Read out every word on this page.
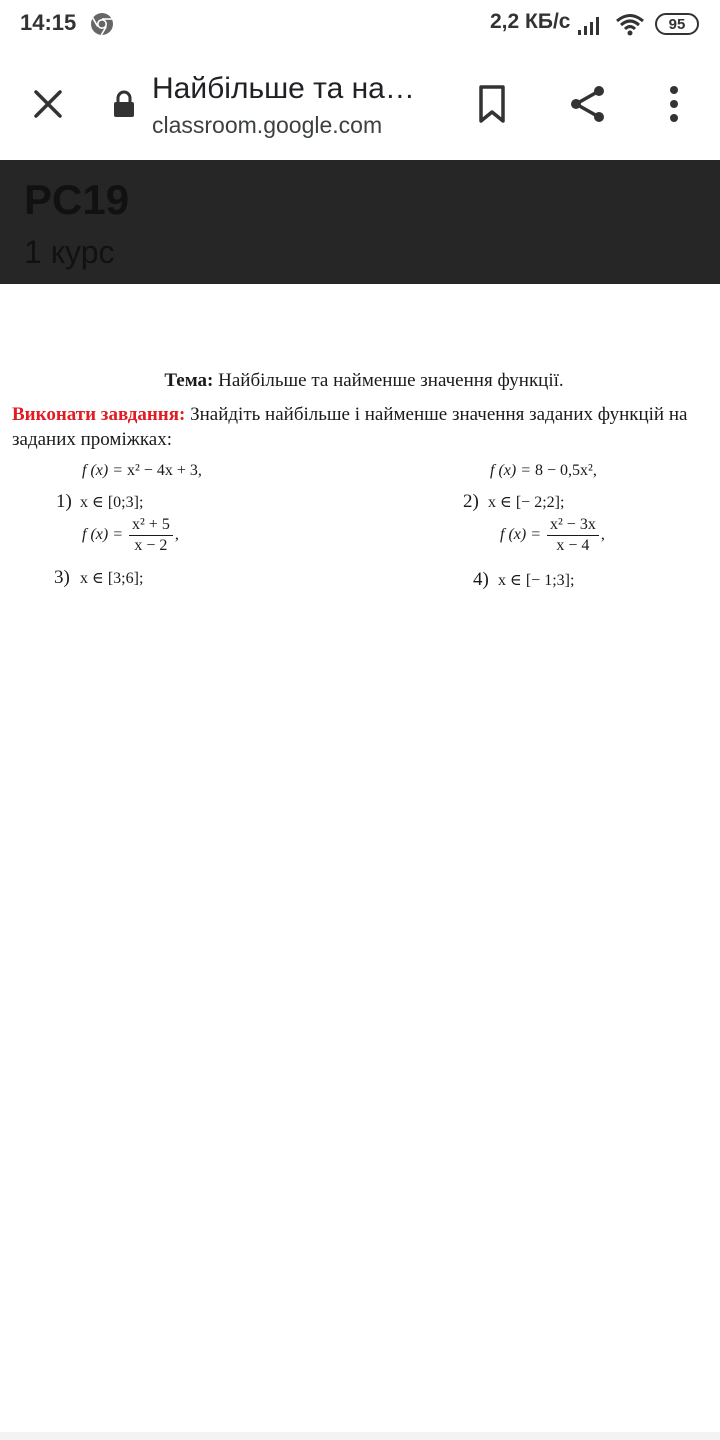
14:15	2,2 КБ/с	95
Найбільше та на…
classroom.google.com
PC19
1 курс
Тема: Найбільше та найменше значення функції.
Виконати завдання: Знайдіть найбільше і найменше значення заданих функцій на заданих проміжках:
f (x) = x² − 4x + 3,
1) x ∈ [0;3];
f (x) = 8 − 0,5x²,
2) x ∈ [− 2;2];
f $(x) = \frac{\text{x² + 5}}{x - 2}$ ,
3) x ∈ [3;6];
f $(x) = \frac{\text{x² − 3x}}{x - 4}$ ,
4) x ∈ [− 1;3];
